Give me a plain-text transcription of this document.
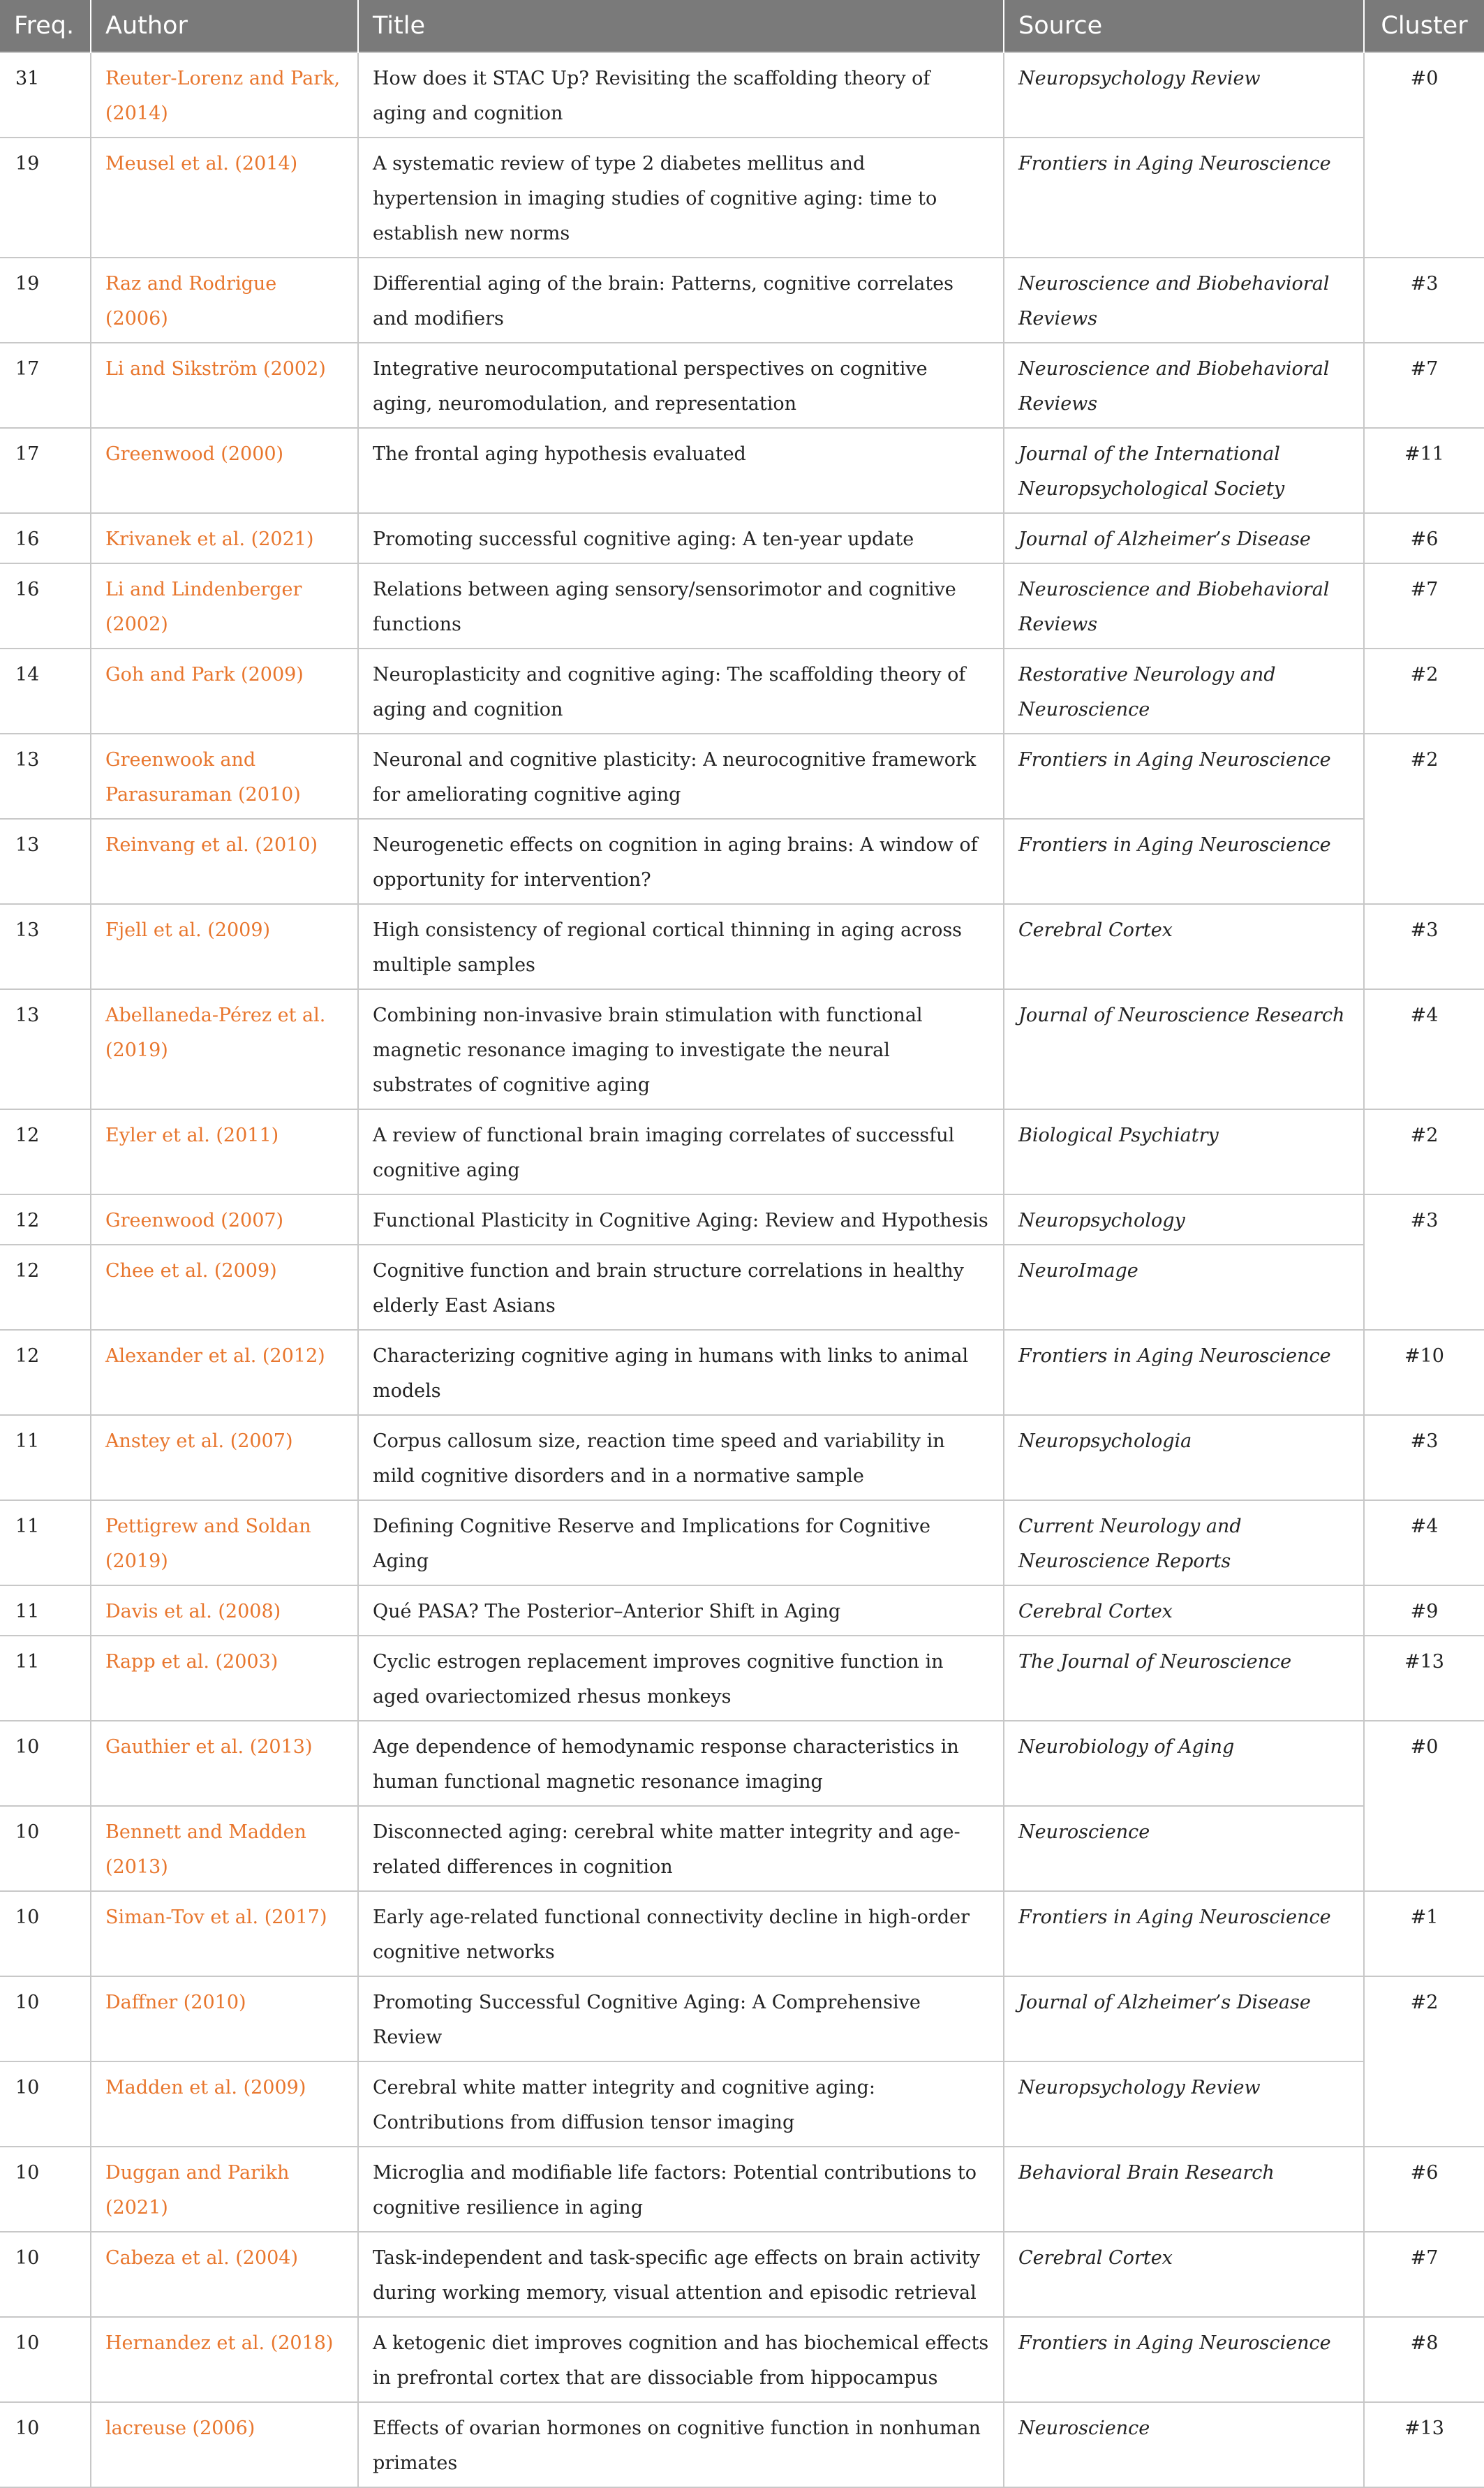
Freq.	Author	Title	Source	Cluster
31	Reuter-Lorenz and Park, (2014)	How does it STAC Up? Revisiting the scaffolding theory of aging and cognition	Neuropsychology Review	#0
19	Meusel et al. (2014)	A systematic review of type 2 diabetes mellitus and hypertension in imaging studies of cognitive aging: time to establish new norms	Frontiers in Aging Neuroscience	
19	Raz and Rodrigue (2006)	Differential aging of the brain: Patterns, cognitive correlates and modifiers	Neuroscience and Biobehavioral Reviews	#3
17	Li and Sikström (2002)	Integrative neurocomputational perspectives on cognitive aging, neuromodulation, and representation	Neuroscience and Biobehavioral Reviews	#7
17	Greenwood (2000)	The frontal aging hypothesis evaluated	Journal of the International Neuropsychological Society	#11
16	Krivanek et al. (2021)	Promoting successful cognitive aging: A ten-year update	Journal of Alzheimer’s Disease	#6
16	Li and Lindenberger (2002)	Relations between aging sensory/sensorimotor and cognitive functions	Neuroscience and Biobehavioral Reviews	#7
14	Goh and Park (2009)	Neuroplasticity and cognitive aging: The scaffolding theory of aging and cognition	Restorative Neurology and Neuroscience	#2
13	Greenwook and Parasuraman (2010)	Neuronal and cognitive plasticity: A neurocognitive framework for ameliorating cognitive aging	Frontiers in Aging Neuroscience	#2
13	Reinvang et al. (2010)	Neurogenetic effects on cognition in aging brains: A window of opportunity for intervention?	Frontiers in Aging Neuroscience	
13	Fjell et al. (2009)	High consistency of regional cortical thinning in aging across multiple samples	Cerebral Cortex	#3
13	Abellaneda-Pérez et al. (2019)	Combining non-invasive brain stimulation with functional magnetic resonance imaging to investigate the neural substrates of cognitive aging	Journal of Neuroscience Research	#4
12	Eyler et al. (2011)	A review of functional brain imaging correlates of successful cognitive aging	Biological Psychiatry	#2
12	Greenwood (2007)	Functional Plasticity in Cognitive Aging: Review and Hypothesis	Neuropsychology	#3
12	Chee et al. (2009)	Cognitive function and brain structure correlations in healthy elderly East Asians	NeuroImage	
12	Alexander et al. (2012)	Characterizing cognitive aging in humans with links to animal models	Frontiers in Aging Neuroscience	#10
11	Anstey et al. (2007)	Corpus callosum size, reaction time speed and variability in mild cognitive disorders and in a normative sample	Neuropsychologia	#3
11	Pettigrew and Soldan (2019)	Defining Cognitive Reserve and Implications for Cognitive Aging	Current Neurology and Neuroscience Reports	#4
11	Davis et al. (2008)	Qué PASA? The Posterior–Anterior Shift in Aging	Cerebral Cortex	#9
11	Rapp et al. (2003)	Cyclic estrogen replacement improves cognitive function in aged ovariectomized rhesus monkeys	The Journal of Neuroscience	#13
10	Gauthier et al. (2013)	Age dependence of hemodynamic response characteristics in human functional magnetic resonance imaging	Neurobiology of Aging	#0
10	Bennett and Madden (2013)	Disconnected aging: cerebral white matter integrity and age-related differences in cognition	Neuroscience	
10	Siman-Tov et al. (2017)	Early age-related functional connectivity decline in high-order cognitive networks	Frontiers in Aging Neuroscience	#1
10	Daffner (2010)	Promoting Successful Cognitive Aging: A Comprehensive Review	Journal of Alzheimer’s Disease	#2
10	Madden et al. (2009)	Cerebral white matter integrity and cognitive aging: Contributions from diffusion tensor imaging	Neuropsychology Review	
10	Duggan and Parikh (2021)	Microglia and modifiable life factors: Potential contributions to cognitive resilience in aging	Behavioral Brain Research	#6
10	Cabeza et al. (2004)	Task-independent and task-specific age effects on brain activity during working memory, visual attention and episodic retrieval	Cerebral Cortex	#7
10	Hernandez et al. (2018)	A ketogenic diet improves cognition and has biochemical effects in prefrontal cortex that are dissociable from hippocampus	Frontiers in Aging Neuroscience	#8
10	lacreuse (2006)	Effects of ovarian hormones on cognitive function in nonhuman primates	Neuroscience	#13
